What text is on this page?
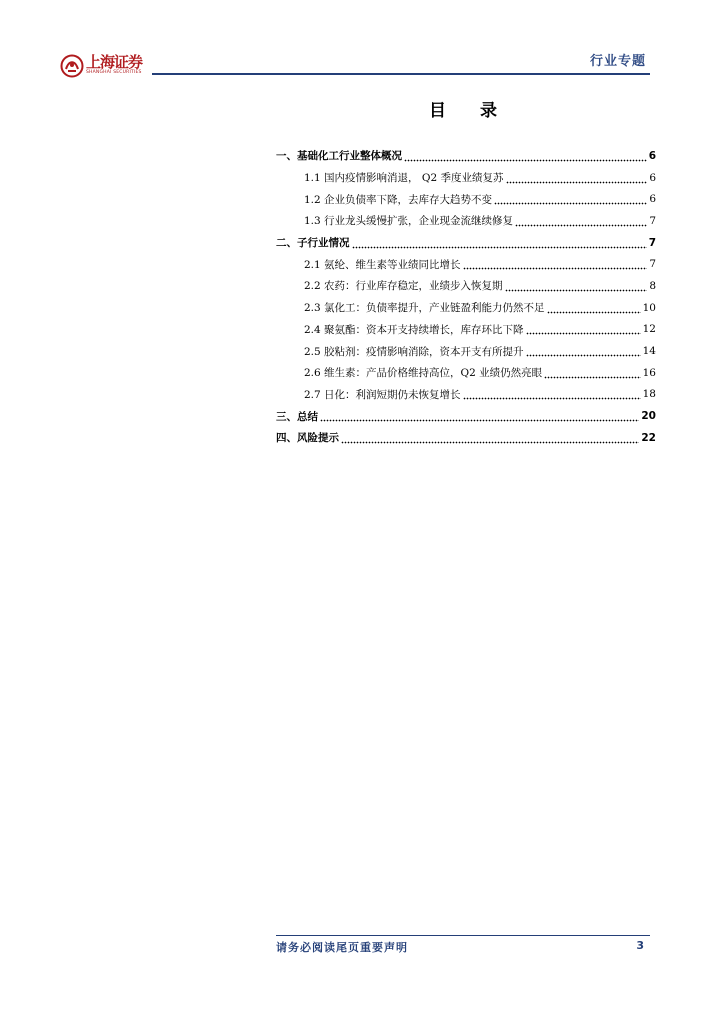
上海证券
SHANGHAI SECURITIES
行业专题
目 录
一、基础化工行业整体概况	6
1.1 国内疫情影响消退， Q2 季度业绩复苏	6
1.2 企业负债率下降，去库存大趋势不变	6
1.3 行业龙头缓慢扩张，企业现金流继续修复	7
二、子行业情况	7
2.1 氨纶、维生素等业绩同比增长	7
2.2 农药：行业库存稳定，业绩步入恢复期	8
2.3 氯化工：负债率提升，产业链盈利能力仍然不足	10
2.4 聚氨酯：资本开支持续增长，库存环比下降	12
2.5 胶粘剂：疫情影响消除，资本开支有所提升	14
2.6 维生素：产品价格维持高位，Q2 业绩仍然亮眼	16
2.7 日化：利润短期仍未恢复增长	18
三、总结	20
四、风险提示	22
请务必阅读尾页重要声明	3
